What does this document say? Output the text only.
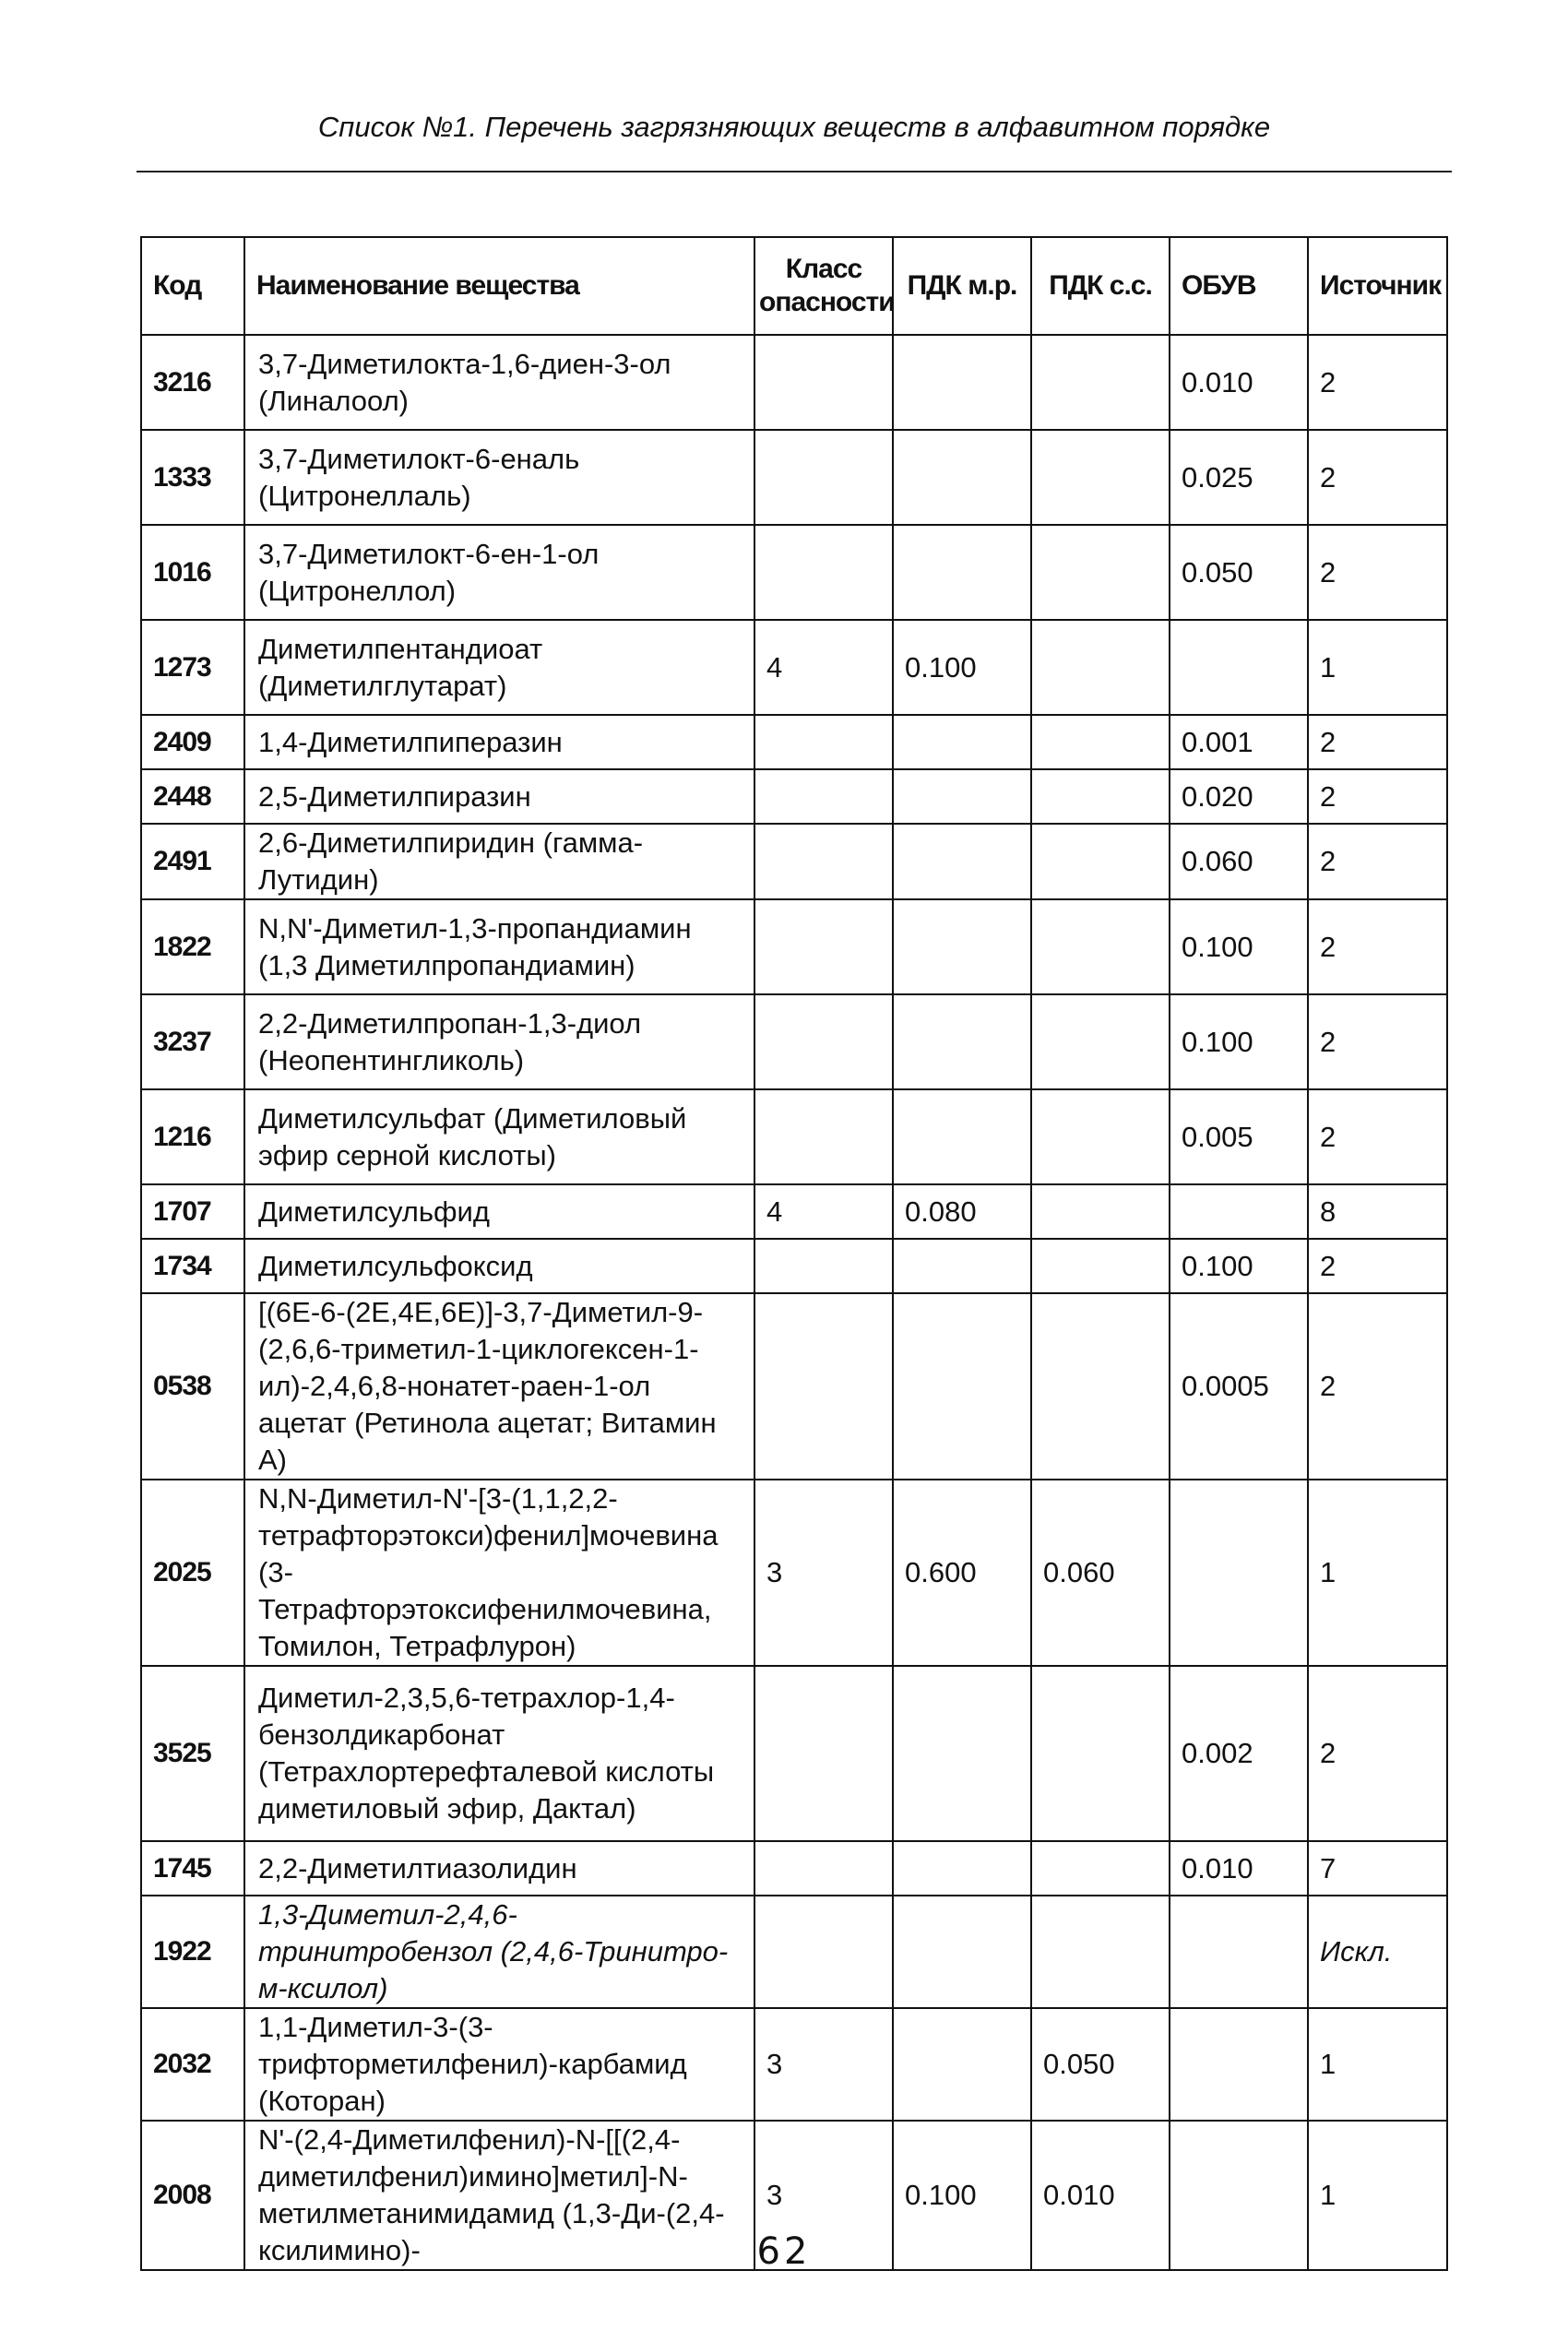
Список №1. Перечень загрязняющих веществ в алфавитном порядке
Код	Наименование вещества	Класс опасности	ПДК м.р.	ПДК с.с.	ОБУВ	Источник
3216	3,7-Диметилокта-1,6-диен-3-ол (Линалоол)				0.010	2
1333	3,7-Диметилокт-6-еналь (Цитронеллаль)				0.025	2
1016	3,7-Диметилокт-6-ен-1-ол (Цитронеллол)				0.050	2
1273	Диметилпентандиоат (Диметилглутарат)	4	0.100			1
2409	1,4-Диметилпиперазин				0.001	2
2448	2,5-Диметилпиразин				0.020	2
2491	2,6-Диметилпиридин (гамма-Лутидин)				0.060	2
1822	N,N'-Диметил-1,3-пропандиамин (1,3 Диметилпропандиамин)				0.100	2
3237	2,2-Диметилпропан-1,3-диол (Неопентингликоль)				0.100	2
1216	Диметилсульфат (Диметиловый эфир серной кислоты)				0.005	2
1707	Диметилсульфид	4	0.080			8
1734	Диметилсульфоксид				0.100	2
0538	[(6Е-6-(2Е,4Е,6Е)]-3,7-Диметил-9-(2,6,6-триметил-1-циклогексен-1-ил)-2,4,6,8-нонатет-раен-1-ол ацетат (Ретинола ацетат; Витамин А)				0.0005	2
2025	N,N-Диметил-N'-[3-(1,1,2,2-тетрафторэтокси)фенил]мочевина (3-Тетрафторэтоксифенилмочевина, Томилон, Тетрафлурон)	3	0.600	0.060		1
3525	Диметил-2,3,5,6-тетрахлор-1,4-бензолдикарбонат (Тетрахлортерефталевой кислоты диметиловый эфир, Дактал)				0.002	2
1745	2,2-Диметилтиазолидин				0.010	7
1922	1,3-Диметил-2,4,6-тринитробензол (2,4,6-Тринитро-м-ксилол)					Искл.
2032	1,1-Диметил-3-(3-трифторметилфенил)-карбамид (Которан)	3		0.050		1
2008	N'-(2,4-Диметилфенил)-N-[[(2,4-диметилфенил)имино]метил]-N-метилметанимидамид (1,3-Ди-(2,4-ксилимино)-	3	0.100	0.010		1
62
